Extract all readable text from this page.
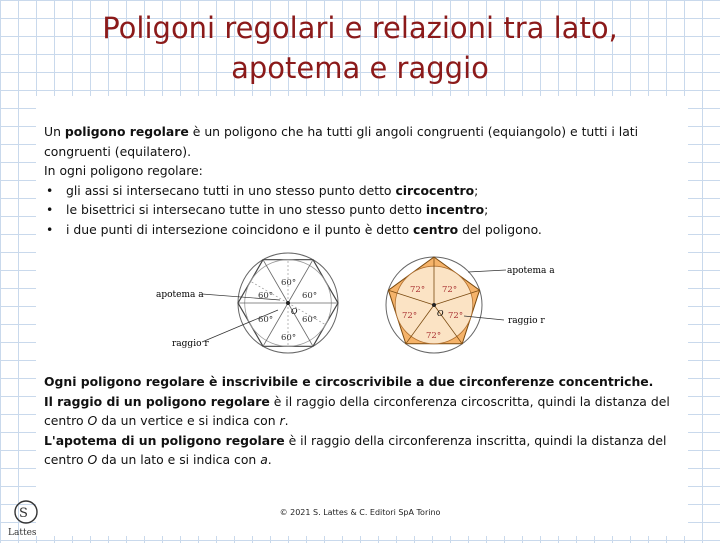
Poligoni regolari e relazioni tra lato, apotema e raggio

Un poligono regolare è un poligono che ha tutti gli angoli congruenti (equiangolo) e tutti i lati congruenti (equilatero).

In ogni poligono regolare:

• gli assi si intersecano tutti in uno stesso punto detto circocentro;
• le bisettrici si intersecano tutte in uno stesso punto detto incentro;
• i due punti di intersezione coincidono e il punto è detto centro del poligono.
apotema a
raggio r
60°
60°	60°
60°	60°
60°
O
apotema a
raggio r
72° 72°
72°	72°
72°
O

Ogni poligono regolare è inscrivibile e circoscrivibile a due circonferenze concentriche.

Il raggio di un poligono regolare è il raggio della circonferenza circoscritta, quindi la distanza del centro O da un vertice e si indica con r.

L'apotema di un poligono regolare è il raggio della circonferenza inscritta, quindi la distanza del centro O da un lato e si indica con a.

S
Lattes
© 2021 S. Lattes & C. Editori SpA Torino
